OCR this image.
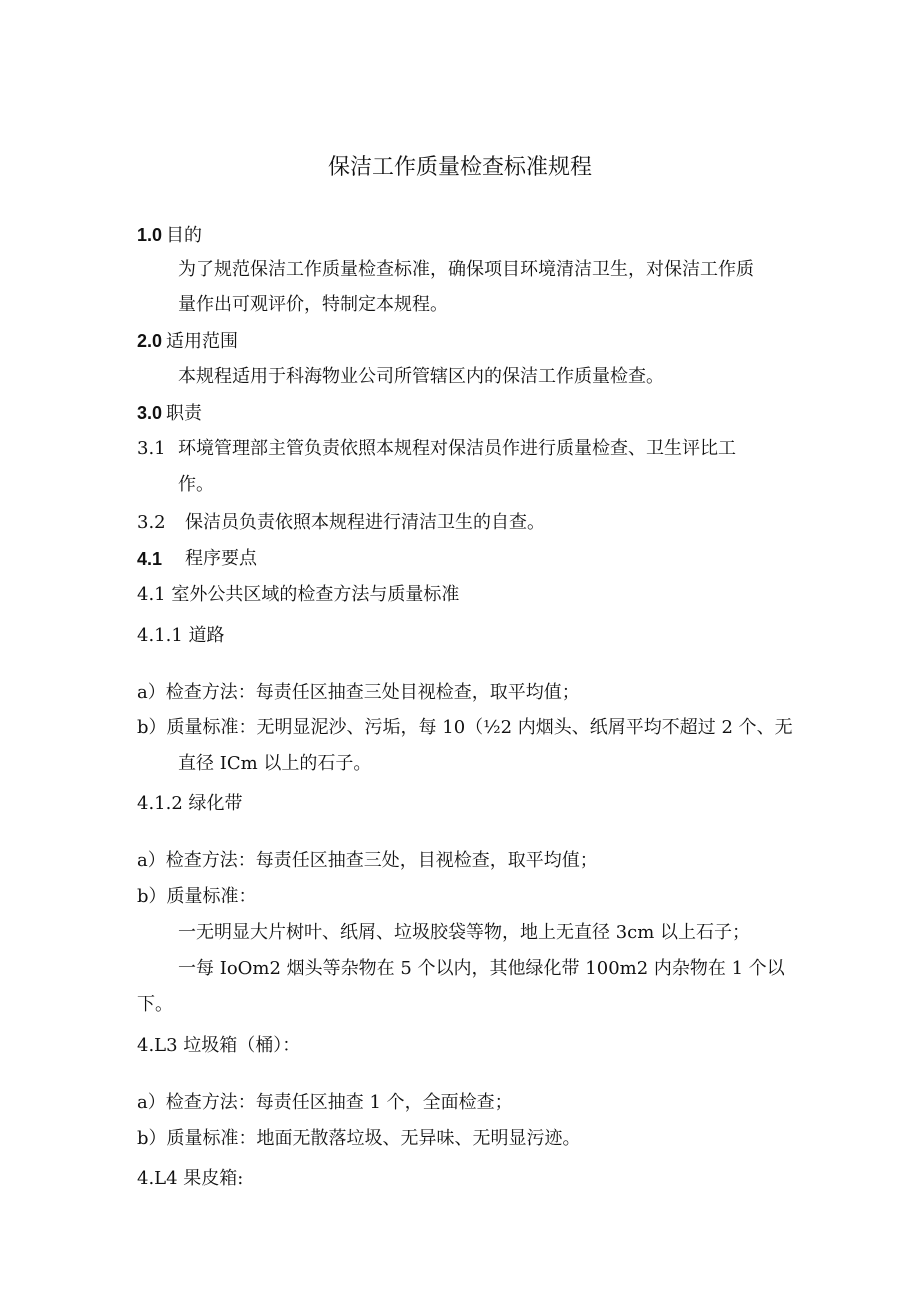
保洁工作质量检查标准规程
1.0 目的
为了规范保洁工作质量检查标准，确保项目环境清洁卫生，对保洁工作质
量作出可观评价，特制定本规程。
2.0 适用范围
本规程适用于科海物业公司所管辖区内的保洁工作质量检查。
3.0 职责
3.1 环境管理部主管负责依照本规程对保洁员作进行质量检查、卫生评比工
作。
3.2 保洁员负责依照本规程进行清洁卫生的自查。
4.1 程序要点
4.1 室外公共区域的检查方法与质量标准
4.1.1 道路
a）检查方法：每责任区抽查三处目视检查，取平均值；
b）质量标准：无明显泥沙、污垢，每 10（½2 内烟头、纸屑平均不超过 2 个、无
直径 ICm 以上的石子。
4.1.2 绿化带
a）检查方法：每责任区抽查三处，目视检查，取平均值；
b）质量标准：
一无明显大片树叶、纸屑、垃圾胶袋等物，地上无直径 3cm 以上石子；
一每 IoOm2 烟头等杂物在 5 个以内，其他绿化带 100m2 内杂物在 1 个以
下。
4.L3 垃圾箱（桶）：
a）检查方法：每责任区抽查 1 个，全面检查；
b）质量标准：地面无散落垃圾、无异味、无明显污迹。
4.L4 果皮箱:
